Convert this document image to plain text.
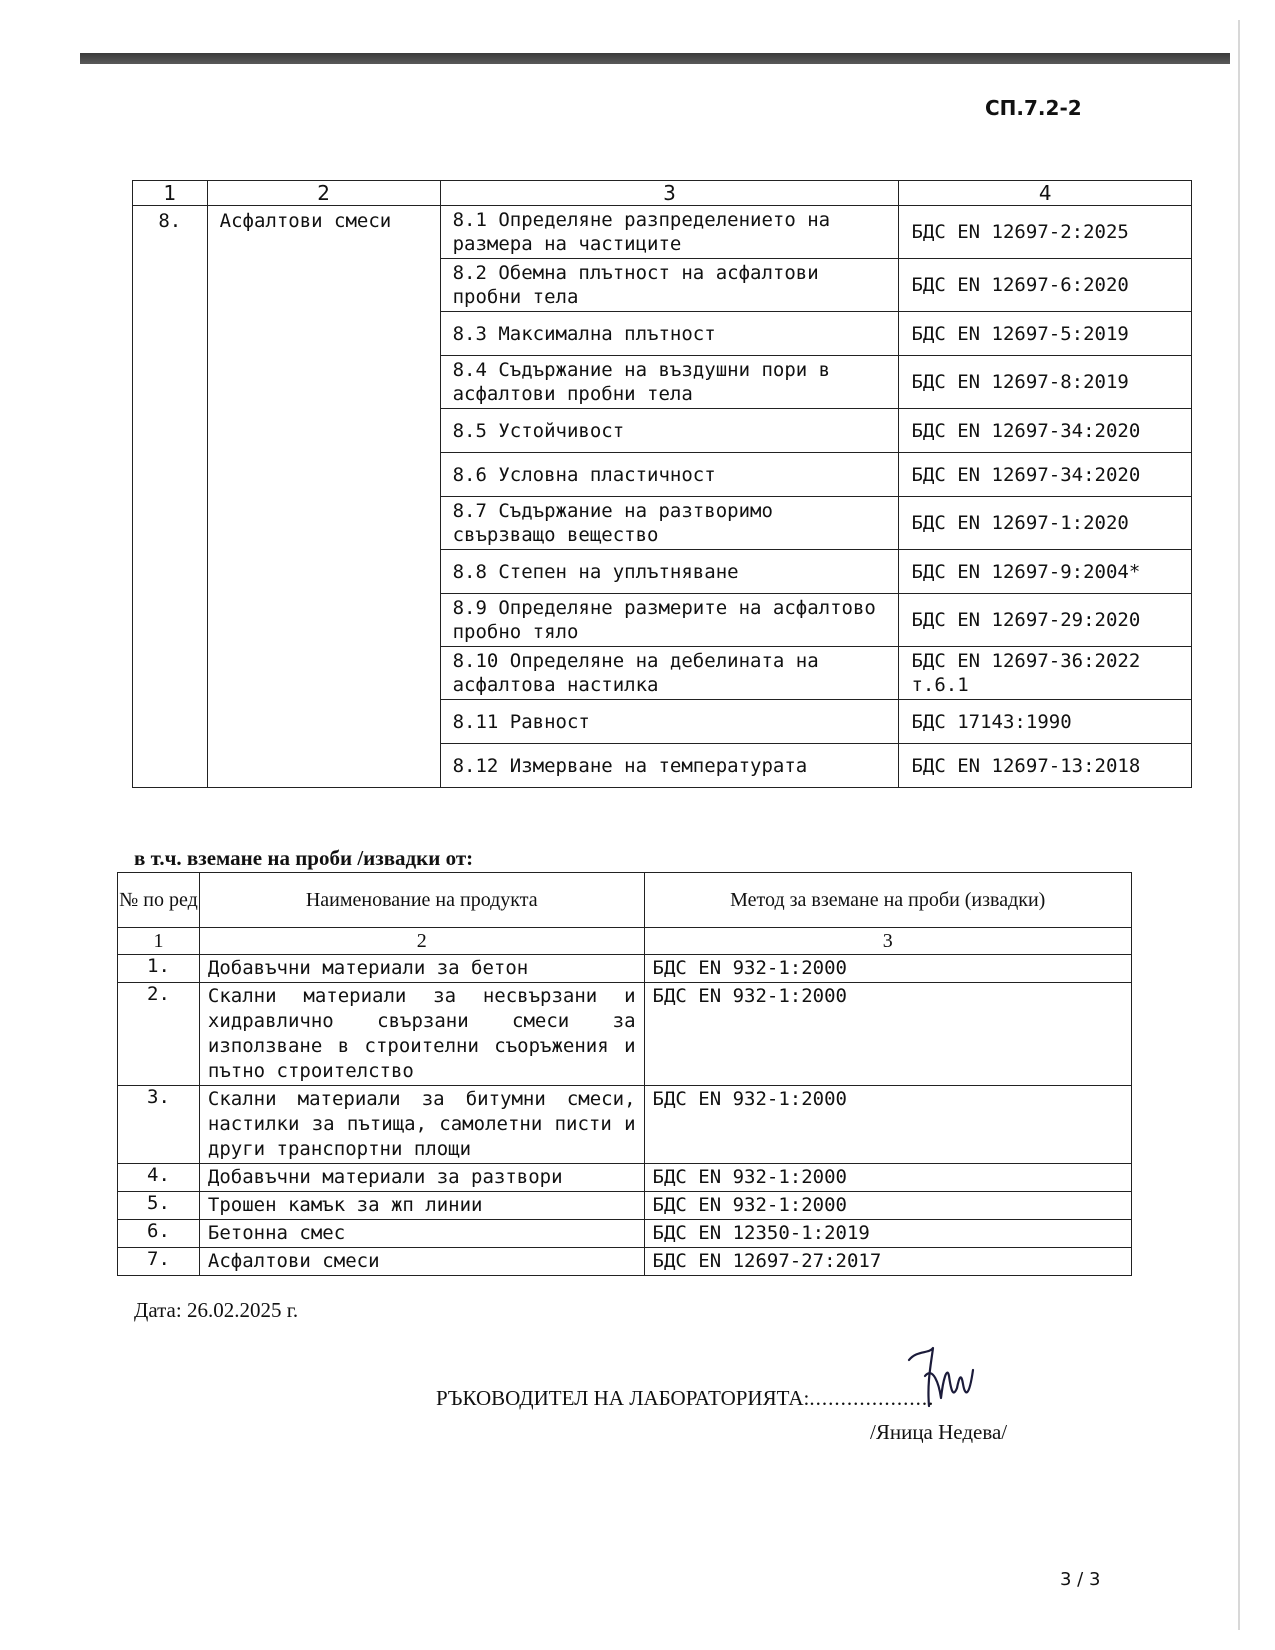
СП.7.2-2
1	2	3	4
8.	Асфалтови смеси	8.1 Определяне разпределението на размера на частиците	БДС EN 12697-2:2025
		8.2 Обемна плътност на асфалтови пробни тела	БДС EN 12697-6:2020
		8.3 Максимална плътност	БДС EN 12697-5:2019
		8.4 Съдържание на въздушни пори в асфалтови пробни тела	БДС EN 12697-8:2019
		8.5 Устойчивост	БДС EN 12697-34:2020
		8.6 Условна пластичност	БДС EN 12697-34:2020
		8.7 Съдържание на разтворимо свързващо вещество	БДС EN 12697-1:2020
		8.8 Степен на уплътняване	БДС EN 12697-9:2004*
		8.9 Определяне размерите на асфалтово пробно тяло	БДС EN 12697-29:2020
		8.10 Определяне на дебелината на асфалтова настилка	БДС EN 12697-36:2022 т.6.1
		8.11 Равност	БДС 17143:1990
		8.12 Измерване на температурата	БДС EN 12697-13:2018
в т.ч. вземане на проби /извадки от:
№ по ред	Наименование на продукта	Метод за вземане на проби (извадки)
1	2	3
1.	Добавъчни материали за бетон	БДС EN 932-1:2000
2.	Скални материали за несвързани и хидравлично свързани смеси за използване в строителни съоръжения и пътно строителство	БДС EN 932-1:2000
3.	Скални материали за битумни смеси, настилки за пътища, самолетни писти и други транспортни площи	БДС EN 932-1:2000
4.	Добавъчни материали за разтвори	БДС EN 932-1:2000
5.	Трошен камък за жп линии	БДС EN 932-1:2000
6.	Бетонна смес	БДС EN 12350-1:2019
7.	Асфалтови смеси	БДС EN 12697-27:2017
Дата: 26.02.2025 г.
РЪКОВОДИТЕЛ НА ЛАБОРАТОРИЯТА:....................
/Яница Недева/
3 / 3
